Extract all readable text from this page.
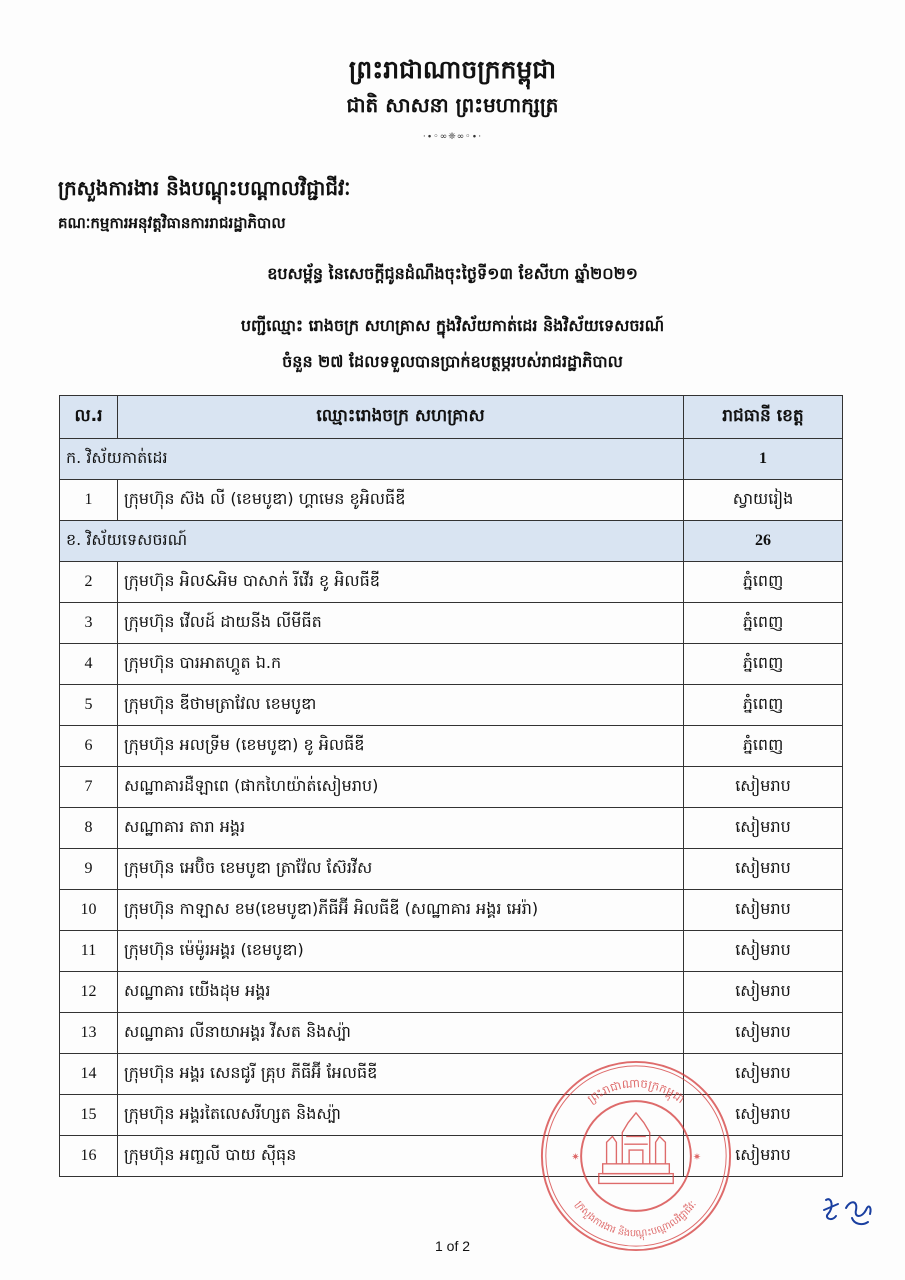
ព្រះរាជាណាចក្រកម្ពុជា
ជាតិ សាសនា ព្រះមហាក្សត្រ
·∙◦∞❈∞◦∙·
ក្រសួងការងារ និងបណ្តុះបណ្តាលវិជ្ជាជីវៈ
គណៈកម្មការអនុវត្តវិធានការរាជរដ្ឋាភិបាល
ឧបសម្ព័ន្ធ នៃសេចក្តីជូនដំណឹងចុះថ្ងៃទី១៣ ខែសីហា ឆ្នាំ២០២១
បញ្ជីឈ្មោះ រោងចក្រ សហគ្រាស ក្នុងវិស័យកាត់ដេរ និងវិស័យទេសចរណ៍
ចំនួន ២៧ ដែលទទួលបានប្រាក់ឧបត្ថម្ភរបស់រាជរដ្ឋាភិបាល
ល.រ	ឈ្មោះរោងចក្រ សហគ្រាស	រាជធានី ខេត្ត
ក. វិស័យកាត់ដេរ		1
1	ក្រុមហ៊ុន ស៊ង លី (ខេមបូឌា) ហ្គាមេន ខូអិលធីឌី	ស្វាយរៀង
ខ. វិស័យទេសចរណ៍		26
2	ក្រុមហ៊ុន អិល&អិម បាសាក់ រីវើរ ខូ អិលធីឌី	ភ្នំពេញ
3	ក្រុមហ៊ុន វើលដ៍ ដាយនីង លីមីធីត	ភ្នំពេញ
4	ក្រុមហ៊ុន បារអាតហ្គូត ឯ.ក	ភ្នំពេញ
5	ក្រុមហ៊ុន ឌីថាមត្រាវែល ខេមបូឌា	ភ្នំពេញ
6	ក្រុមហ៊ុន អលទ្រីម (ខេមបូឌា) ខូ អិលធីឌី	ភ្នំពេញ
7	សណ្ឋាគារដឺឡាពេ (ផាកហៃយ៉ាត់សៀមរាប)	សៀមរាប
8	សណ្ឋាគារ តារា អង្គរ	សៀមរាប
9	ក្រុមហ៊ុន អេប៊ិច ខេមបូឌា ត្រាវ៉ែល ស៊ែរវីស	សៀមរាប
10	ក្រុមហ៊ុន កាឡាស ខម(ខេមបូឌា)ភីធីអ៊ី អិលធីឌី (សណ្ឋាគារ អង្គរ អេរ៉ា)	សៀមរាប
11	ក្រុមហ៊ុន ម៉េម៉ូរអង្គរ (ខេមបូឌា)	សៀមរាប
12	សណ្ឋាគារ យើងដុម អង្គរ	សៀមរាប
13	សណ្ឋាគារ លីនាយាអង្គរ វីសត និងស្ប៉ា	សៀមរាប
14	ក្រុមហ៊ុន អង្គរ សេនជូរី គ្រុប ភីធីអ៊ី អែលធីឌី	សៀមរាប
15	ក្រុមហ៊ុន អង្គរតៃលេសរីហ្សត និងស្ប៉ា	សៀមរាប
16	ក្រុមហ៊ុន អញ្ចលី បាយ ស៊ីធុន	សៀមរាប
ព្រះរាជាណាចក្រកម្ពុជា
ក្រសួងការងារ និងបណ្តុះបណ្តាលវិជ្ជាជីវៈ
✷	✷
1 of 2
